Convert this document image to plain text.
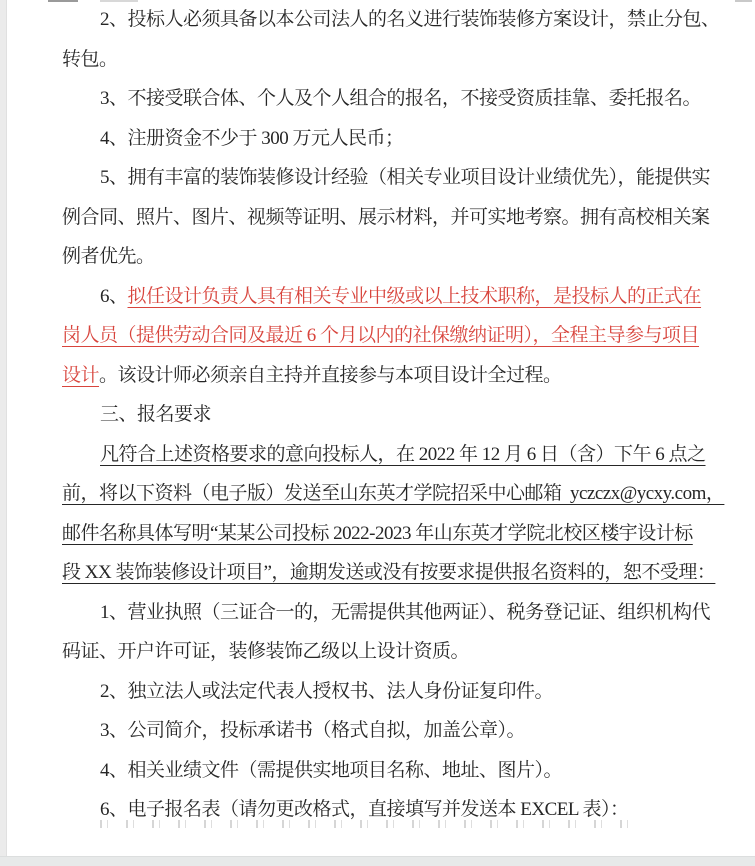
2、投标人必须具备以本公司法人的名义进行装饰装修方案设计，禁止分包、
转包。
3、不接受联合体、个人及个人组合的报名，不接受资质挂靠、委托报名。
4、注册资金不少于 300 万元人民币；
5、拥有丰富的装饰装修设计经验（相关专业项目设计业绩优先），能提供实
例合同、照片、图片、视频等证明、展示材料，并可实地考察。拥有高校相关案
例者优先。
6、拟任设计负责人具有相关专业中级或以上技术职称，是投标人的正式在
岗人员（提供劳动合同及最近 6 个月以内的社保缴纳证明），全程主导参与项目
设计。该设计师必须亲自主持并直接参与本项目设计全过程。
三、报名要求
凡符合上述资格要求的意向投标人，在 2022 年 12 月 6 日（含）下午 6 点之
前，将以下资料（电子版）发送至山东英才学院招采中心邮箱  yczczx@ycxy.com，
邮件名称具体写明“某某公司投标 2022-2023 年山东英才学院北校区楼宇设计标
段 XX 装饰装修设计项目”，逾期发送或没有按要求提供报名资料的，恕不受理：
1、营业执照（三证合一的，无需提供其他两证）、税务登记证、组织机构代
码证、开户许可证，装修装饰乙级以上设计资质。
2、独立法人或法定代表人授权书、法人身份证复印件。
3、公司简介，投标承诺书（格式自拟，加盖公章）。
4、相关业绩文件（需提供实地项目名称、地址、图片）。
6、电子报名表（请勿更改格式，直接填写并发送本 EXCEL 表）：
